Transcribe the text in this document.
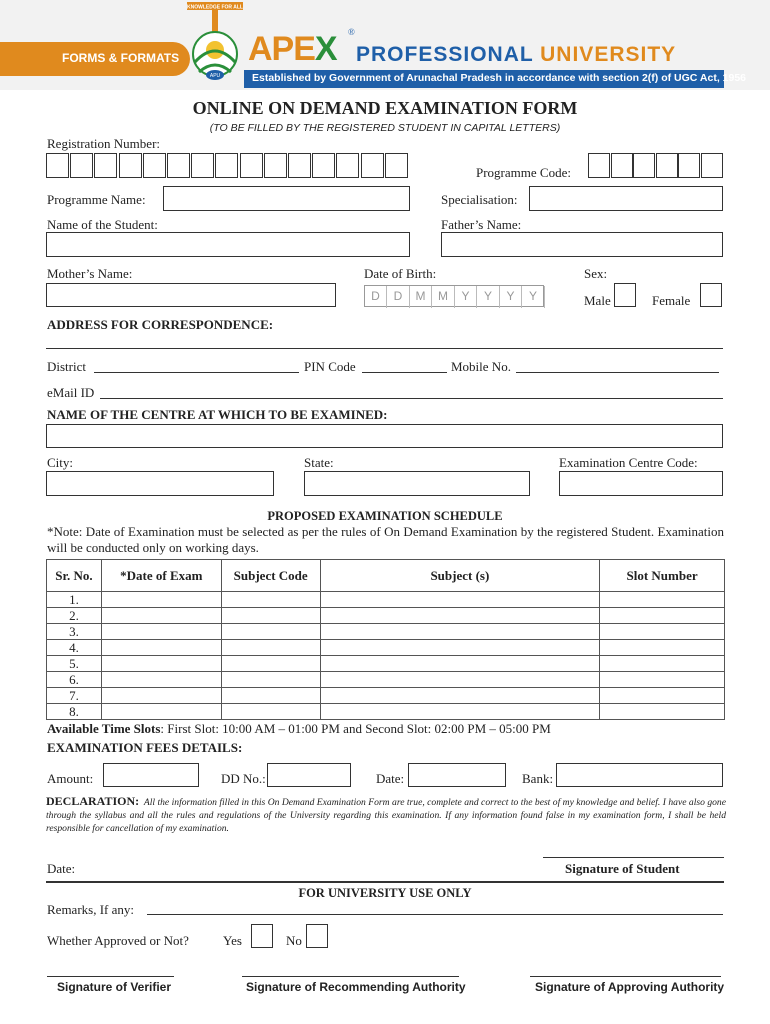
FORMS & FORMATS
KNOWLEDGE FOR ALL
APU
APEX ®
PROFESSIONAL UNIVERSITY
Established by Government of Arunachal Pradesh in accordance with section 2(f) of UGC Act, 1956
ONLINE ON DEMAND EXAMINATION FORM
(TO BE FILLED BY THE REGISTERED STUDENT IN CAPITAL LETTERS)
Registration Number:
Programme Code:
Programme Name:	Specialisation:
Name of the Student:	Father’s Name:
Mother’s Name:	Date of Birth:
D	D	M	M	Y	Y	Y	Y
Sex:
Male	Female
ADDRESS FOR CORRESPONDENCE:
District	PIN Code	Mobile No.
eMail ID
NAME OF THE CENTRE AT WHICH TO BE EXAMINED:
City:	State:	Examination Centre Code:
PROPOSED EXAMINATION SCHEDULE
*Note: Date of Examination must be selected as per the rules of On Demand Examination by the registered Student. Examination will be conducted only on working days.
Sr. No.	*Date of Exam	Subject Code	Subject (s)	Slot Number
1.				
2.				
3.				
4.				
5.				
6.				
7.				
8.				
Available Time Slots: First Slot: 10:00 AM – 01:00 PM and Second Slot: 02:00 PM – 05:00 PM
EXAMINATION FEES DETAILS:
Amount:	DD No.:	Date:	Bank:
DECLARATION: All the information filled in this On Demand Examination Form are true, complete and correct to the best of my knowledge and belief. I have also gone through the syllabus and all the rules and regulations of the University regarding this examination. If any information found false in my examination form, I shall be held responsible for cancellation of my examination.
Date:	Signature of Student
FOR UNIVERSITY USE ONLY
Remarks, If any:
Whether Approved or Not?	Yes	No
Signature of Verifier	Signature of Recommending Authority	Signature of Approving Authority
